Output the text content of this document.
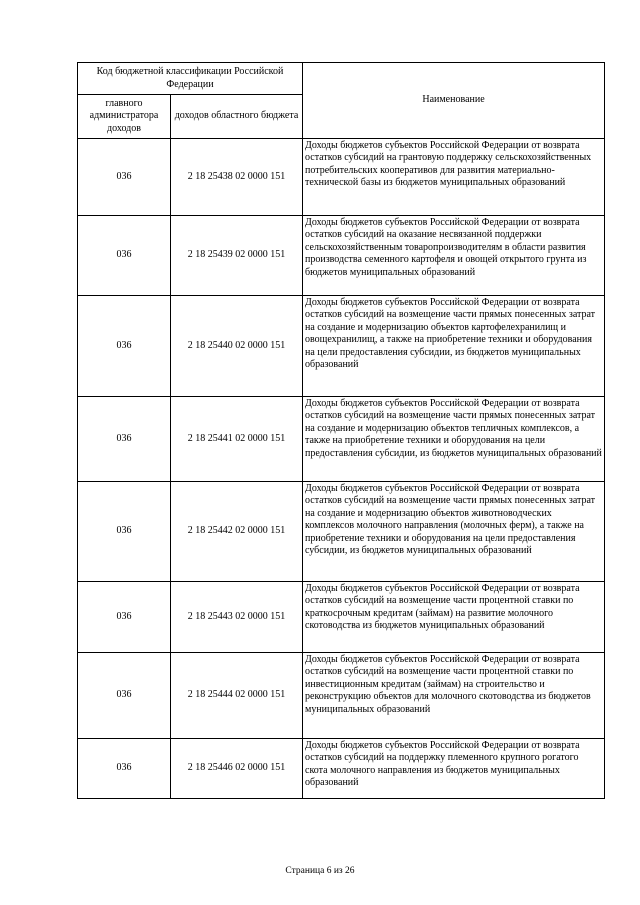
Код бюджетной классификации Российской Федерации		Наименование
главного администратора доходов	доходов областного бюджета	
036	2 18 25438 02 0000 151	Доходы бюджетов субъектов Российской Федерации от возврата остатков субсидий на грантовую поддержку сельскохозяйственных потребительских кооперативов для развития материально-технической базы из бюджетов муниципальных образований
036	2 18 25439 02 0000 151	Доходы бюджетов субъектов Российской Федерации от возврата остатков субсидий на оказание несвязанной поддержки сельскохозяйственным товаропроизводителям в области развития производства семенного картофеля и овощей открытого грунта из бюджетов муниципальных образований
036	2 18 25440 02 0000 151	Доходы бюджетов субъектов Российской Федерации от возврата остатков субсидий на возмещение части прямых понесенных затрат на создание и модернизацию объектов картофелехранилищ и овощехранилищ, а также на приобретение техники и оборудования на цели предоставления субсидии, из бюджетов муниципальных образований
036	2 18 25441 02 0000 151	Доходы бюджетов субъектов Российской Федерации от возврата остатков субсидий на возмещение части прямых понесенных затрат на создание и модернизацию объектов тепличных комплексов, а также на приобретение техники и оборудования на цели предоставления субсидии, из бюджетов муниципальных образований
036	2 18 25442 02 0000 151	Доходы бюджетов субъектов Российской Федерации от возврата остатков субсидий на возмещение части прямых понесенных затрат на создание и модернизацию объектов животноводческих комплексов молочного направления (молочных ферм), а также на приобретение техники и оборудования на цели предоставления субсидии, из бюджетов муниципальных образований
036	2 18 25443 02 0000 151	Доходы бюджетов субъектов Российской Федерации от возврата остатков субсидий на возмещение части процентной ставки по краткосрочным кредитам (займам) на развитие молочного скотоводства из бюджетов муниципальных образований
036	2 18 25444 02 0000 151	Доходы бюджетов субъектов Российской Федерации от возврата остатков субсидий на возмещение части процентной ставки по инвестиционным кредитам (займам) на строительство и реконструкцию объектов для молочного скотоводства из бюджетов муниципальных образований
036	2 18 25446 02 0000 151	Доходы бюджетов субъектов Российской Федерации от возврата остатков субсидий на поддержку племенного крупного рогатого скота молочного направления из бюджетов муниципальных образований
Страница 6 из 26
